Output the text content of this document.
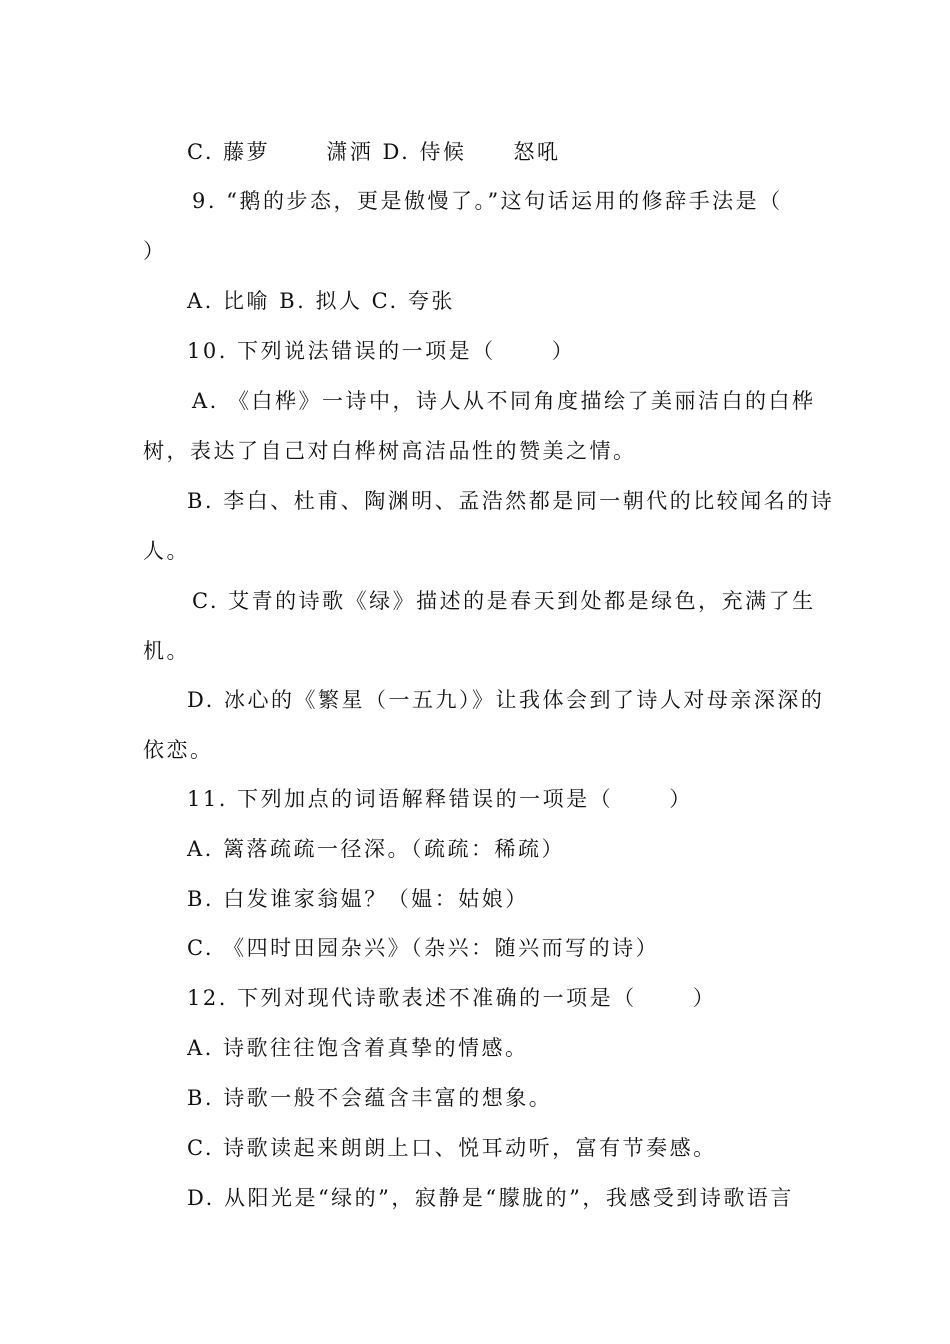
C. 藤萝　　 潇洒 D. 侍候　　怒吼
9. “鹅的步态，更是傲慢了。”这句话运用的修辞手法是（
）
A. 比喻 B. 拟人 C. 夸张
10. 下列说法错误的一项是（　　 ）
A. 《白桦》一诗中，诗人从不同角度描绘了美丽洁白的白桦
树，表达了自己对白桦树高洁品性的赞美之情。
B. 李白、杜甫、陶渊明、孟浩然都是同一朝代的比较闻名的诗
人。
C. 艾青的诗歌《绿》描述的是春天到处都是绿色，充满了生
机。
D. 冰心的《繁星（一五九）》让我体会到了诗人对母亲深深的
依恋。
11. 下列加点的词语解释错误的一项是（　　 ）
A. 篱落疏疏一径深。（疏疏：稀疏）
B. 白发谁家翁媪？（媪：姑娘）
C. 《四时田园杂兴》（杂兴：随兴而写的诗）
12. 下列对现代诗歌表述不准确的一项是（　　 ）
A. 诗歌往往饱含着真挚的情感。
B. 诗歌一般不会蕴含丰富的想象。
C. 诗歌读起来朗朗上口、悦耳动听，富有节奏感。
D. 从阳光是“绿的”，寂静是“朦胧的”，我感受到诗歌语言
